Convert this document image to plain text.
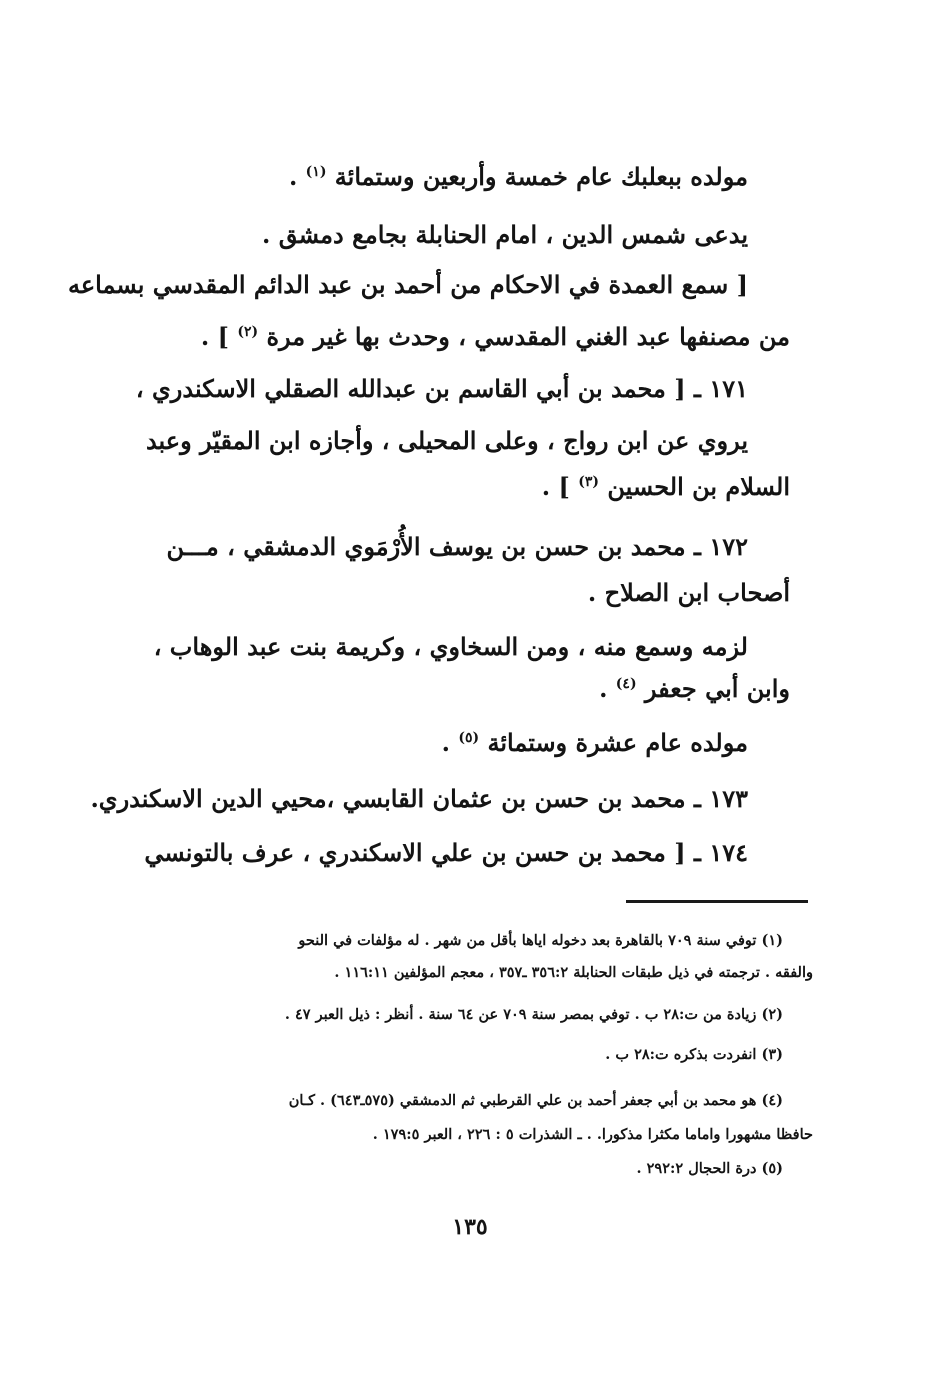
مولده ببعلبك عام خمسة وأربعين وستمائة $^{(١)}$ .
يدعى شمس الدين ، امام الحنابلة بجامع دمشق .
[ سمع العمدة في الاحكام من أحمد بن عبد الدائم المقدسي بسماعه
من مصنفها عبد الغني المقدسي ، وحدث بها غير مرة $^{(٢)}$ ] .
١٧١ ـ [ محمد بن أبي القاسم بن عبدالله الصقلي الاسكندري ،
يروي عن ابن رواج ، وعلى المحيلى ، وأجازه ابن المقيّر وعبد
السلام بن الحسين $^{(٣)}$ ] .
١٧٢ ـ محمد بن حسن بن يوسف الأُرْمَوي الدمشقي ، مـــن
أصحاب ابن الصلاح .
لزمه وسمع منه ، ومن السخاوي ، وكريمة بنت عبد الوهاب ،
وابن أبي جعفر $^{(٤)}$ .
مولده عام عشرة وستمائة $^{(٥)}$ .
١٧٣ ـ محمد بن حسن بن عثمان القابسي ،محيي الدين الاسكندري.
١٧٤ ـ [ محمد بن حسن بن علي الاسكندري ، عرف بالتونسي
(١) توفي سنة ٧٠٩ بالقاهرة بعد دخوله اياها بأقل من شهر . له مؤلفات في النحو
والفقه . ترجمته في ذيل طبقات الحنابلة ٣٥٦:٢ ـ٣٥٧ ، معجم المؤلفين ١١٦:١١ .
(٢) زيادة من ت:٢٨ ب . توفي بمصر سنة ٧٠٩ عن ٦٤ سنة . أنظر : ذيل العبر ٤٧ .
(٣) انفردت بذكره ت:٢٨ ب .
(٤) هو محمد بن أبي جعفر أحمد بن علي القرطبي ثم الدمشقي (٥٧٥ـ٦٤٣) . كـان
حافظا مشهورا واماما مكثرا مذكورا. . ـ الشذرات ٥ : ٢٢٦ ، العبر ١٧٩:٥ .
(٥) درة الحجال ٢٩٢:٢ .
١٣٥
